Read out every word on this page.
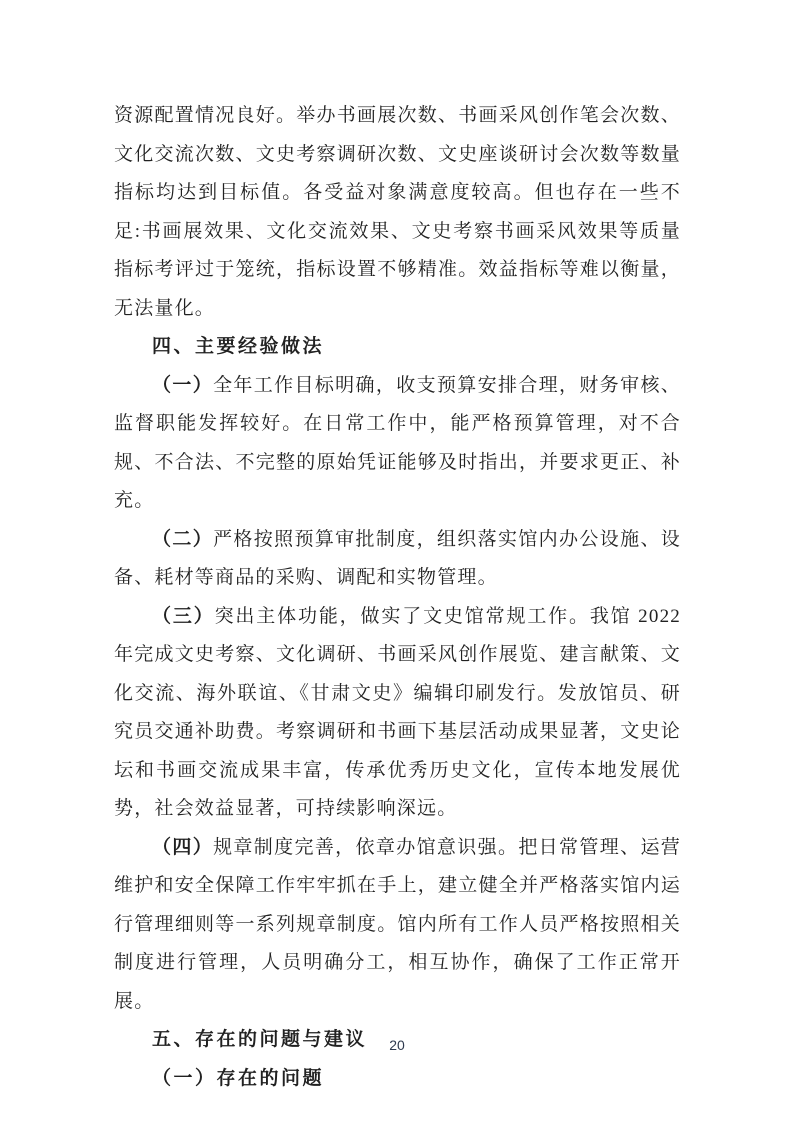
资源配置情况良好。举办书画展次数、书画采风创作笔会次数、文化交流次数、文史考察调研次数、文史座谈研讨会次数等数量指标均达到目标值。各受益对象满意度较高。但也存在一些不足:书画展效果、文化交流效果、文史考察书画采风效果等质量指标考评过于笼统，指标设置不够精准。效益指标等难以衡量，无法量化。

四、主要经验做法

（一）全年工作目标明确，收支预算安排合理，财务审核、监督职能发挥较好。在日常工作中，能严格预算管理，对不合规、不合法、不完整的原始凭证能够及时指出，并要求更正、补充。

（二）严格按照预算审批制度，组织落实馆内办公设施、设备、耗材等商品的采购、调配和实物管理。

（三）突出主体功能，做实了文史馆常规工作。我馆 2022 年完成文史考察、文化调研、书画采风创作展览、建言献策、文化交流、海外联谊、《甘肃文史》编辑印刷发行。发放馆员、研究员交通补助费。考察调研和书画下基层活动成果显著，文史论坛和书画交流成果丰富，传承优秀历史文化，宣传本地发展优势，社会效益显著，可持续影响深远。

（四）规章制度完善，依章办馆意识强。把日常管理、运营维护和安全保障工作牢牢抓在手上，建立健全并严格落实馆内运行管理细则等一系列规章制度。馆内所有工作人员严格按照相关制度进行管理，人员明确分工，相互协作，确保了工作正常开展。

五、存在的问题与建议

（一）存在的问题

20
